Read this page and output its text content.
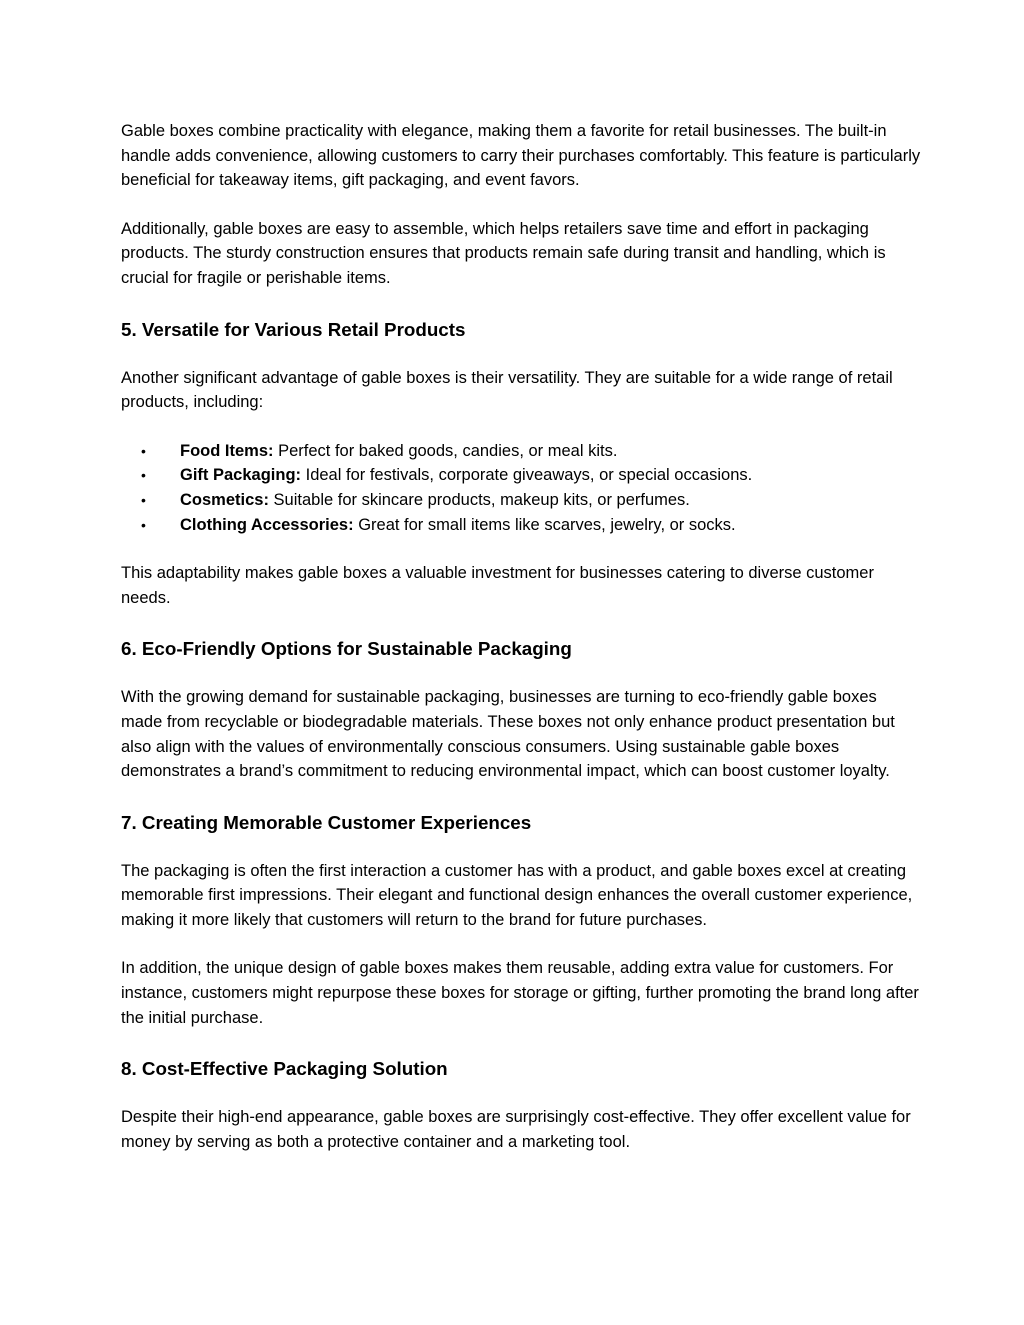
Gable boxes combine practicality with elegance, making them a favorite for retail businesses. The built-in handle adds convenience, allowing customers to carry their purchases comfortably. This feature is particularly beneficial for takeaway items, gift packaging, and event favors.

Additionally, gable boxes are easy to assemble, which helps retailers save time and effort in packaging products. The sturdy construction ensures that products remain safe during transit and handling, which is crucial for fragile or perishable items.

5. Versatile for Various Retail Products

Another significant advantage of gable boxes is their versatility. They are suitable for a wide range of retail products, including:

• Food Items: Perfect for baked goods, candies, or meal kits.
• Gift Packaging: Ideal for festivals, corporate giveaways, or special occasions.
• Cosmetics: Suitable for skincare products, makeup kits, or perfumes.
• Clothing Accessories: Great for small items like scarves, jewelry, or socks.

This adaptability makes gable boxes a valuable investment for businesses catering to diverse customer needs.

6. Eco-Friendly Options for Sustainable Packaging

With the growing demand for sustainable packaging, businesses are turning to eco-friendly gable boxes made from recyclable or biodegradable materials. These boxes not only enhance product presentation but also align with the values of environmentally conscious consumers. Using sustainable gable boxes demonstrates a brand’s commitment to reducing environmental impact, which can boost customer loyalty.

7. Creating Memorable Customer Experiences

The packaging is often the first interaction a customer has with a product, and gable boxes excel at creating memorable first impressions. Their elegant and functional design enhances the overall customer experience, making it more likely that customers will return to the brand for future purchases.

In addition, the unique design of gable boxes makes them reusable, adding extra value for customers. For instance, customers might repurpose these boxes for storage or gifting, further promoting the brand long after the initial purchase.

8. Cost-Effective Packaging Solution

Despite their high-end appearance, gable boxes are surprisingly cost-effective. They offer excellent value for money by serving as both a protective container and a marketing tool.
